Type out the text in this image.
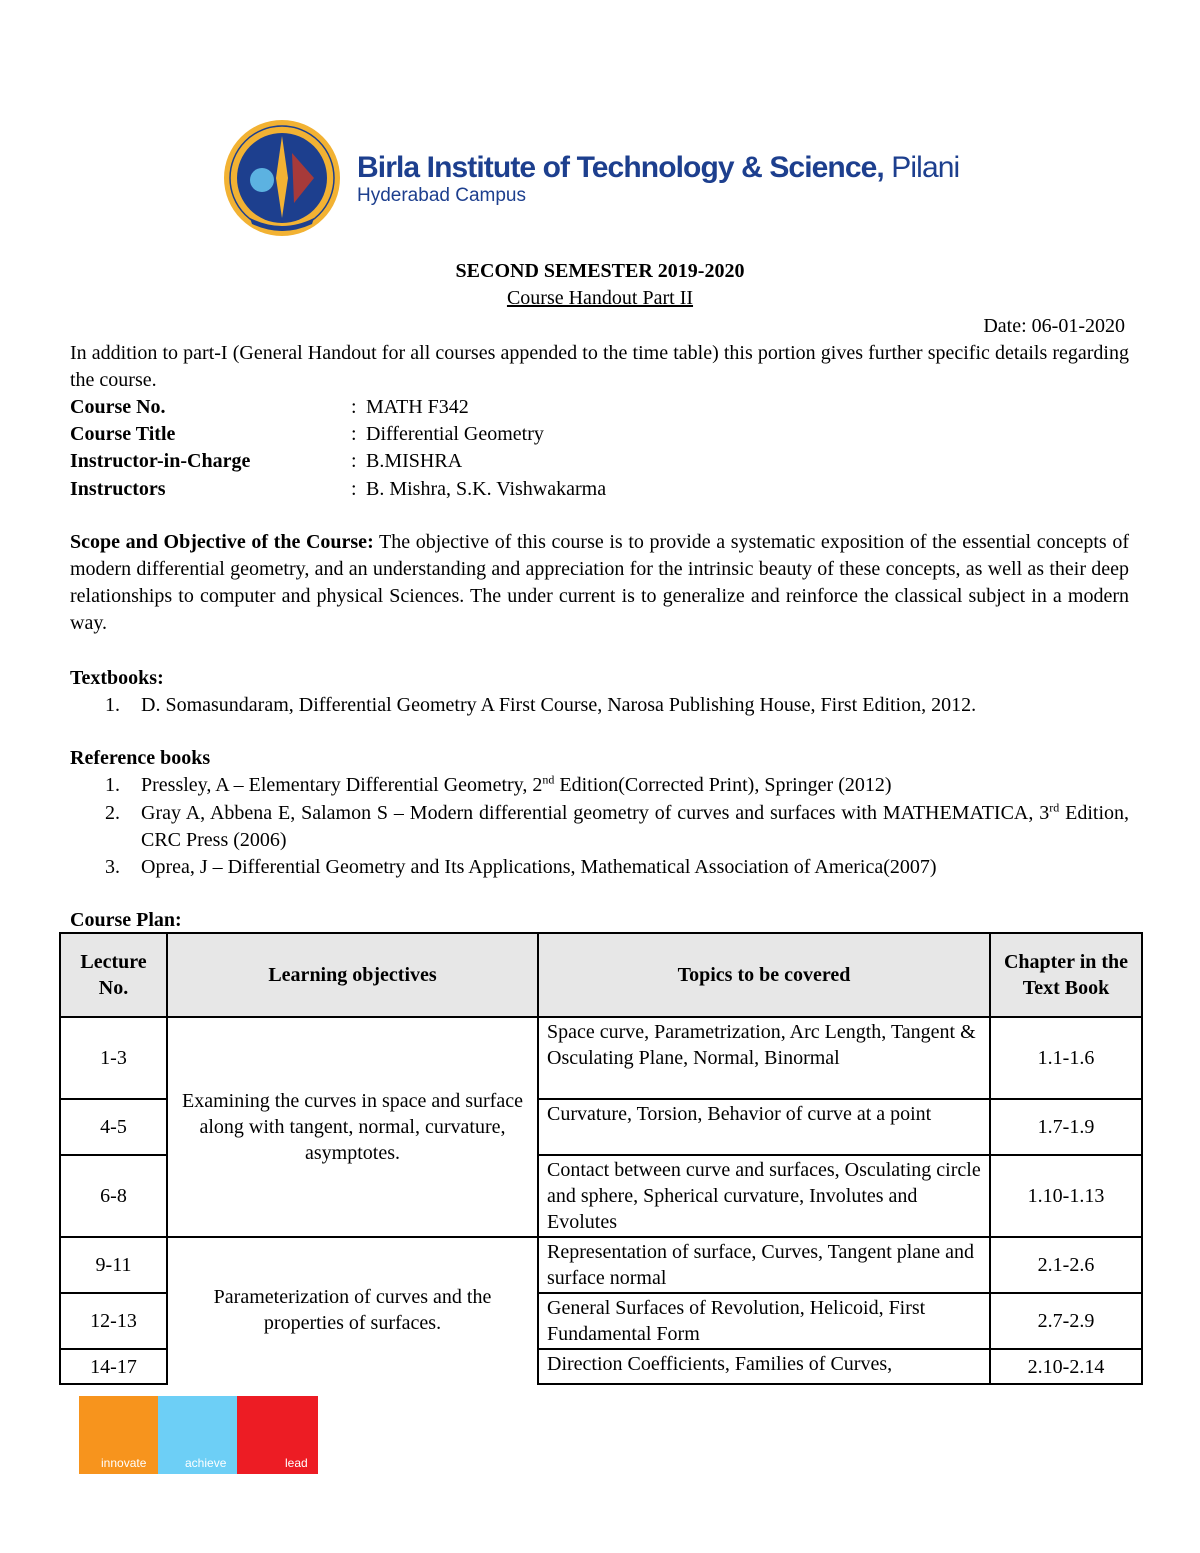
Birla Institute of Technology & Science, Pilani
Hyderabad Campus
SECOND SEMESTER 2019-2020
Course Handout Part II
Date: 06-01-2020
In addition to part-I (General Handout for all courses appended to the time table) this portion gives further specific details regarding the course.
Course No.	: MATH F342
Course Title	: Differential Geometry
Instructor-in-Charge	: B.MISHRA
Instructors	: B. Mishra, S.K. Vishwakarma
Scope and Objective of the Course: The objective of this course is to provide a systematic exposition of the essential concepts of modern differential geometry, and an understanding and appreciation for the intrinsic beauty of these concepts, as well as their deep relationships to computer and physical Sciences. The under current is to generalize and reinforce the classical subject in a modern way.
Textbooks:
1. D. Somasundaram, Differential Geometry A First Course, Narosa Publishing House, First Edition, 2012.
Reference books
1. Pressley, A – Elementary Differential Geometry, 2nd Edition(Corrected Print), Springer (2012)
2. Gray A, Abbena E, Salamon S – Modern differential geometry of curves and surfaces with MATHEMATICA, 3rd Edition, CRC Press (2006)
3. Oprea, J – Differential Geometry and Its Applications, Mathematical Association of America(2007)
Course Plan:
Lecture No.	Learning objectives	Topics to be covered	Chapter in the Text Book
1-3	Examining the curves in space and surface along with tangent, normal, curvature, asymptotes.	Space curve, Parametrization, Arc Length, Tangent & Osculating Plane, Normal, Binormal	1.1-1.6
4-5		Curvature, Torsion, Behavior of curve at a point	1.7-1.9
6-8		Contact between curve and surfaces, Osculating circle and sphere, Spherical curvature, Involutes and Evolutes	1.10-1.13
9-11	Parameterization of curves and the properties of surfaces.	Representation of surface, Curves, Tangent plane and surface normal	2.1-2.6
12-13		General Surfaces of Revolution, Helicoid, First Fundamental Form	2.7-2.9
14-17		Direction Coefficients, Families of Curves,	2.10-2.14
innovate	achieve	lead
